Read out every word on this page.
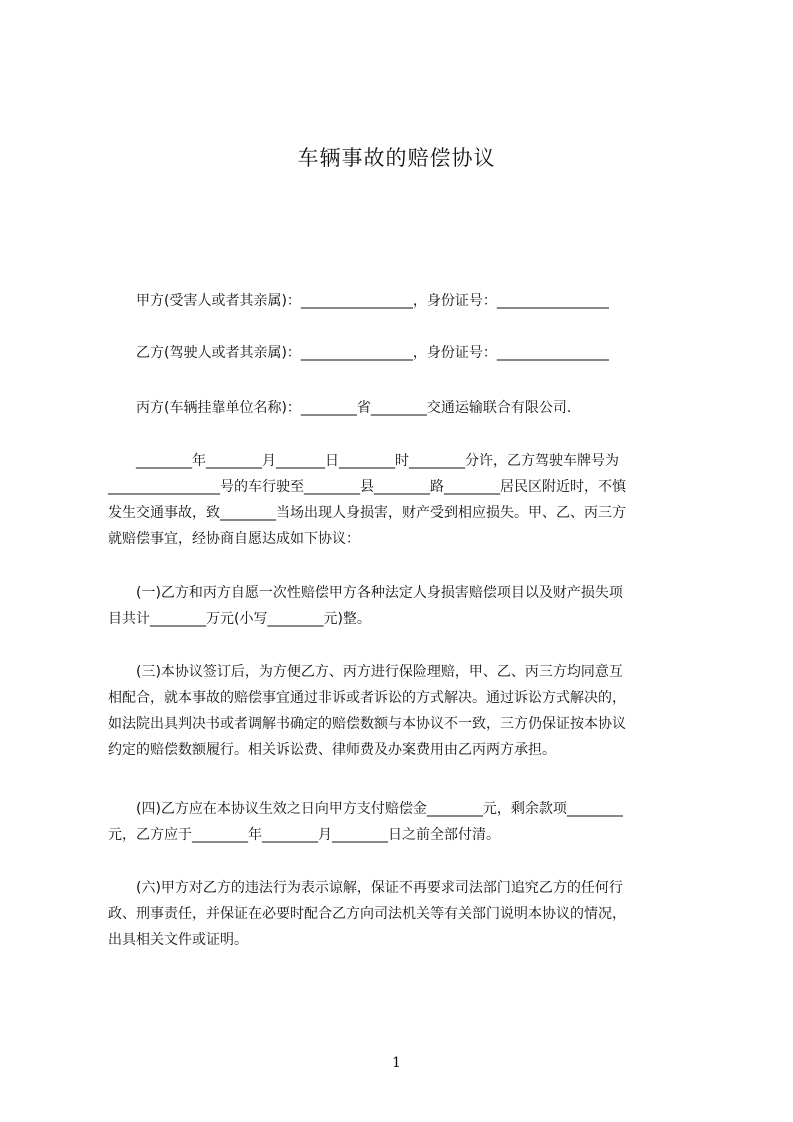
车辆事故的赔偿协议
甲方(受害人或者其亲属)：________________，身份证号：________________
乙方(驾驶人或者其亲属)：________________，身份证号：________________
丙方(车辆挂靠单位名称)：________省________交通运输联合有限公司.
________年________月_______日________时________分许，乙方驾驶车牌号为
________________号的车行驶至________县________路________居民区附近时，不慎
发生交通事故，致________当场出现人身损害，财产受到相应损失。甲、乙、丙三方
就赔偿事宜，经协商自愿达成如下协议：
(一)乙方和丙方自愿一次性赔偿甲方各种法定人身损害赔偿项目以及财产损失项
目共计________万元(小写________元)整。
(三)本协议签订后，为方便乙方、丙方进行保险理赔，甲、乙、丙三方均同意互
相配合，就本事故的赔偿事宜通过非诉或者诉讼的方式解决。通过诉讼方式解决的，
如法院出具判决书或者调解书确定的赔偿数额与本协议不一致，三方仍保证按本协议
约定的赔偿数额履行。相关诉讼费、律师费及办案费用由乙丙两方承担。
(四)乙方应在本协议生效之日向甲方支付赔偿金________元，剩余款项________
元，乙方应于________年________月________日之前全部付清。
(六)甲方对乙方的违法行为表示谅解，保证不再要求司法部门追究乙方的任何行
政、刑事责任，并保证在必要时配合乙方向司法机关等有关部门说明本协议的情况，
出具相关文件或证明。
1
